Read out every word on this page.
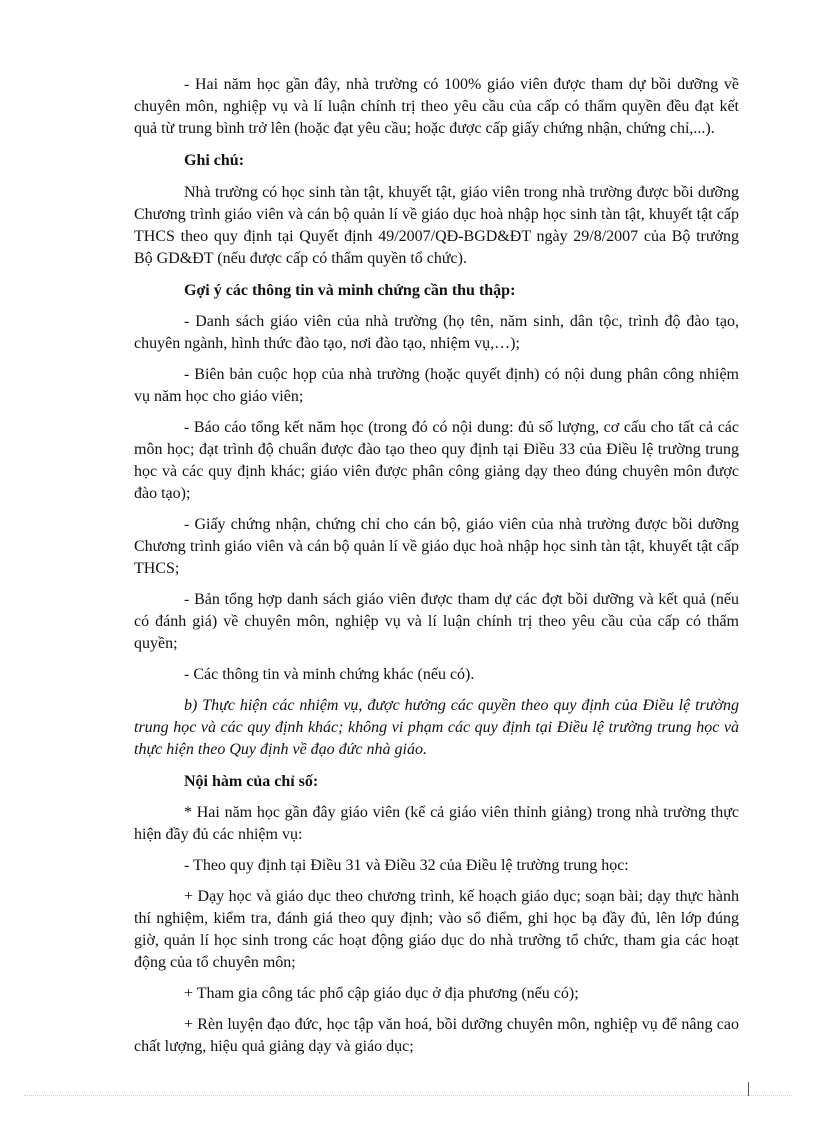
- Hai năm học gần đây, nhà trường có 100% giáo viên được tham dự bồi dưỡng về chuyên môn, nghiệp vụ và lí luận chính trị theo yêu cầu của cấp có thẩm quyền đều đạt kết quả từ trung bình trở lên (hoặc đạt yêu cầu; hoặc được cấp giấy chứng nhận, chứng chỉ,...).

Ghi chú:

Nhà trường có học sinh tàn tật, khuyết tật, giáo viên trong nhà trường được bồi dưỡng Chương trình giáo viên và cán bộ quản lí về giáo dục hoà nhập học sinh tàn tật, khuyết tật cấp THCS theo quy định tại Quyết định 49/2007/QĐ-BGD&ĐT ngày 29/8/2007 của Bộ trưởng Bộ GD&ĐT (nếu được cấp có thẩm quyền tổ chức).

Gợi ý các thông tin và minh chứng cần thu thập:

- Danh sách giáo viên của nhà trường (họ tên, năm sinh, dân tộc, trình độ đào tạo, chuyên ngành, hình thức đào tạo, nơi đào tạo, nhiệm vụ,…);

- Biên bản cuộc họp của nhà trường (hoặc quyết định) có nội dung phân công nhiệm vụ năm học cho giáo viên;

- Báo cáo tổng kết năm học (trong đó có nội dung: đủ số lượng, cơ cấu cho tất cả các môn học; đạt trình độ chuẩn được đào tạo theo quy định tại Điều 33 của Điều lệ trường trung học và các quy định khác; giáo viên được phân công giảng dạy theo đúng chuyên môn được đào tạo);

- Giấy chứng nhận, chứng chỉ cho cán bộ, giáo viên của nhà trường được bồi dưỡng Chương trình giáo viên và cán bộ quản lí về giáo dục hoà nhập học sinh tàn tật, khuyết tật cấp THCS;

- Bản tổng hợp danh sách giáo viên được tham dự các đợt bồi dưỡng và kết quả (nếu có đánh giá) về chuyên môn, nghiệp vụ và lí luận chính trị theo yêu cầu của cấp có thẩm quyền;

- Các thông tin và minh chứng khác (nếu có).

b) Thực hiện các nhiệm vụ, được hưởng các quyền theo quy định của Điều lệ trường trung học và các quy định khác; không vi phạm các quy định tại Điều lệ trường trung học và thực hiện theo Quy định về đạo đức nhà giáo.

Nội hàm của chỉ số:

* Hai năm học gần đây giáo viên (kể cả giáo viên thỉnh giảng) trong nhà trường thực hiện đầy đủ các nhiệm vụ:

- Theo quy định tại Điều 31 và Điều 32 của Điều lệ trường trung học:

+ Dạy học và giáo dục theo chương trình, kế hoạch giáo dục; soạn bài; dạy thực hành thí nghiệm, kiểm tra, đánh giá theo quy định; vào sổ điểm, ghi học bạ đầy đủ, lên lớp đúng giờ, quản lí học sinh trong các hoạt động giáo dục do nhà trường tổ chức, tham gia các hoạt động của tổ chuyên môn;

+ Tham gia công tác phổ cập giáo dục ở địa phương (nếu có);

+ Rèn luyện đạo đức, học tập văn hoá, bồi dưỡng chuyên môn, nghiệp vụ để nâng cao chất lượng, hiệu quả giảng dạy và giáo dục;
